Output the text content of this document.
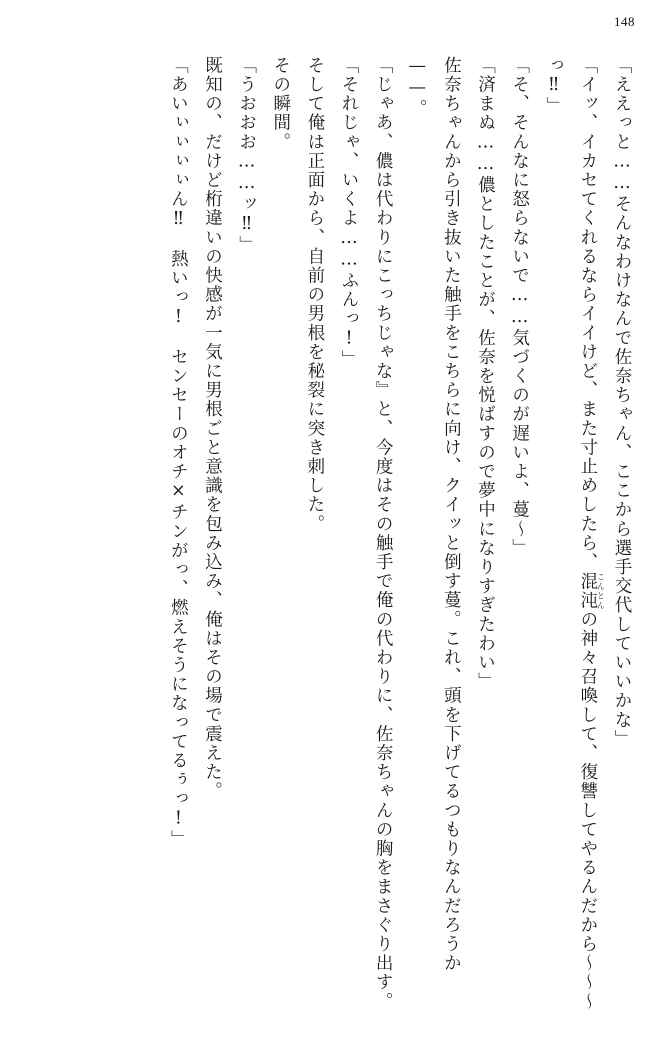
148

「ええっと……そんなわけなんで佐奈ちゃん、ここから選手交代していいかな」

「イッ、イカセてくれるならイイけど、また寸止めしたら、混沌こんとんの神々召喚して、復讐してやるんだから〜〜〜っ‼」

「そ、そんなに怒らないで……気づくのが遅いよ、蔓〜」

「済まぬ……儂としたことが、佐奈を悦ばすので夢中になりすぎたわい」

佐奈ちゃんから引き抜いた触手をこちらに向け、クイッと倒す蔓。これ、頭を下げてるつもりなんだろうか——。

「じゃあ、儂は代わりにこっちじゃな』と、今度はその触手で俺の代わりに、佐奈ちゃんの胸をまさぐり出す。

「それじゃ、いくよ……ふんっ!」

そして俺は正面から、自前の男根を秘裂に突き刺した。

その瞬間。

「うおおお……ッ‼」

既知の、だけど桁違いの快感が一気に男根ごと意識を包み込み、俺はその場で震えた。

「あいぃぃぃぃん‼　熱いっ!　センセーのオチ×チンがっ、燃えそうになってるぅっ!」
